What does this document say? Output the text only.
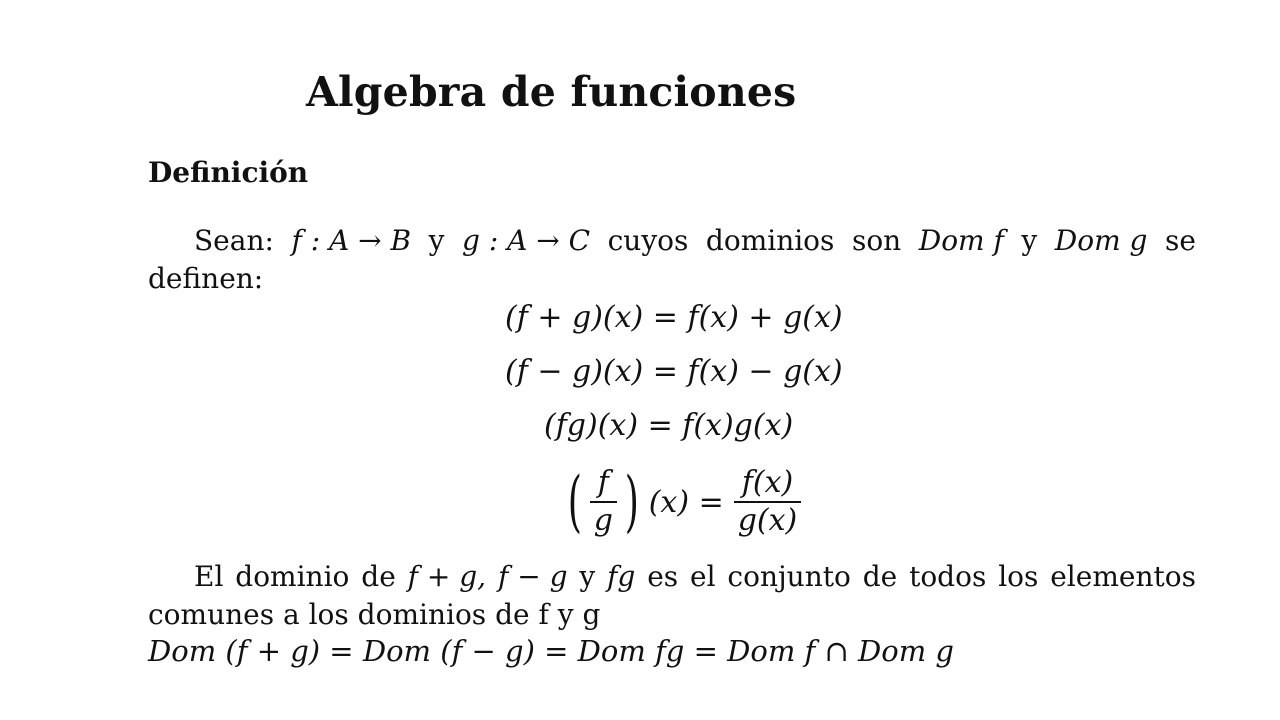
Algebra de funciones
Definición
Sean: f : A → B y g : A → C cuyos dominios son Dom f y Dom g se
definen:
(f + g)(x) = f(x) + g(x)
(f − g)(x) = f(x) − g(x)
(fg)(x) = f(x)g(x)
( $\frac{f}{g}$ ) $(x) = \frac{f(x)}{g(x)}$
El dominio de f + g, f − g y fg es el conjunto de todos los elementos
comunes a los dominios de f y g
Dom (f + g) = Dom (f − g) = Dom fg = Dom f ∩ Dom g
